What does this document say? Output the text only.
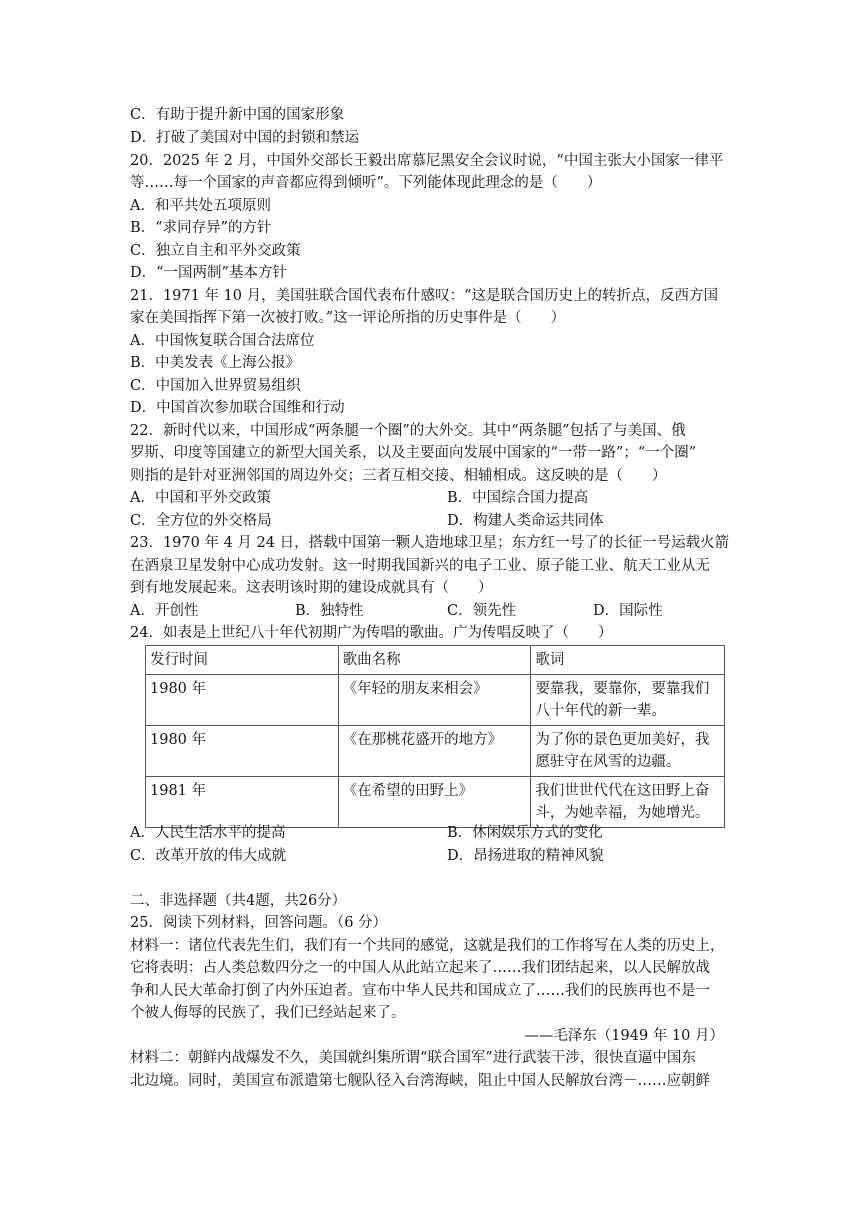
C．有助于提升新中国的国家形象
D．打破了美国对中国的封锁和禁运
20．2025 年 2 月，中国外交部长王毅出席慕尼黑安全会议时说，“中国主张大小国家一律平
等……每一个国家的声音都应得到倾听”。下列能体现此理念的是（　　）
A．和平共处五项原则
B．“求同存异”的方针
C．独立自主和平外交政策
D．“一国两制”基本方针
21．1971 年 10 月，美国驻联合国代表布什感叹：“这是联合国历史上的转折点，反西方国
家在美国指挥下第一次被打败。”这一评论所指的历史事件是（　　）
A．中国恢复联合国合法席位
B．中美发表《上海公报》
C．中国加入世界贸易组织
D．中国首次参加联合国维和行动
22．新时代以来，中国形成“两条腿一个圈”的大外交。其中“两条腿”包括了与美国、俄
罗斯、印度等国建立的新型大国关系，以及主要面向发展中国家的“一带一路”；“一个圈”
则指的是针对亚洲邻国的周边外交；三者互相交接、相辅相成。这反映的是（　　）
A．中国和平外交政策	B．中国综合国力提高
C．全方位的外交格局	D．构建人类命运共同体
23．1970 年 4 月 24 日，搭载中国第一颗人造地球卫星；东方红一号了的长征一号运载火箭
在酒泉卫星发射中心成功发射。这一时期我国新兴的电子工业、原子能工业、航天工业从无
到有地发展起来。这表明该时期的建设成就具有（　　）
A．开创性	B．独特性	C．领先性	D．国际性
24．如表是上世纪八十年代初期广为传唱的歌曲。广为传唱反映了（　　）
发行时间	歌曲名称	歌词
1980 年	《年轻的朋友来相会》	要靠我，要靠你，要靠我们
八十年代的新一辈。
1980 年	《在那桃花盛开的地方》	为了你的景色更加美好，我
愿驻守在风雪的边疆。
1981 年	《在希望的田野上》	我们世世代代在这田野上奋
斗，为她幸福，为她增光。
A．人民生活水平的提高	B．休闲娱乐方式的变化
C．改革开放的伟大成就	D．昂扬进取的精神风貌
二、非选择题（共4题，共26分）
25．阅读下列材料，回答问题。（6 分）
材料一：诸位代表先生们，我们有一个共同的感觉，这就是我们的工作将写在人类的历史上，
它将表明：占人类总数四分之一的中国人从此站立起来了……我们团结起来，以人民解放战
争和人民大革命打倒了内外压迫者。宣布中华人民共和国成立了……我们的民族再也不是一
个被人侮辱的民族了，我们已经站起来了。
——毛泽东（1949 年 10 月）
材料二：朝鲜内战爆发不久，美国就纠集所谓“联合国军”进行武装干涉，很快直逼中国东
北边境。同时，美国宣布派遣第七舰队径入台湾海峡，阻止中国人民解放台湾－……应朝鲜
